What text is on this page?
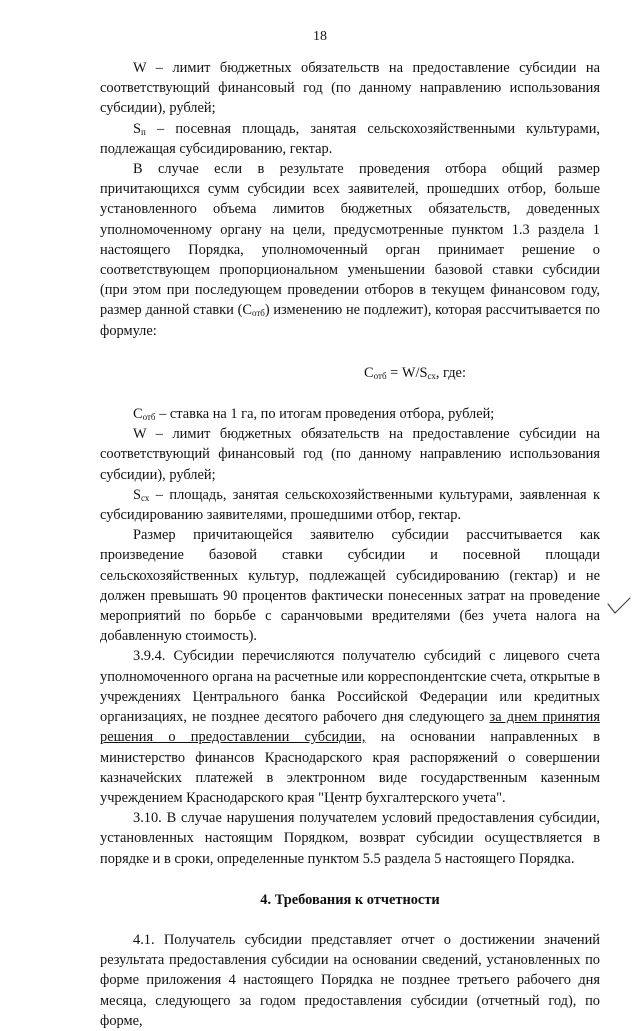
18

W – лимит бюджетных обязательств на предоставление субсидии на соответствующий финансовый год (по данному направлению использования субсидии), рублей;

$S_п$ – посевная площадь, занятая сельскохозяйственными культурами, подлежащая субсидированию, гектар.

В случае если в результате проведения отбора общий размер причитающихся сумм субсидии всех заявителей, прошедших отбор, больше установленного объема лимитов бюджетных обязательств, доведенных уполномоченному органу на цели, предусмотренные пунктом 1.3 раздела 1 настоящего Порядка, уполномоченный орган принимает решение о соответствующем пропорциональном уменьшении базовой ставки субсидии (при этом при последующем проведении отборов в текущем финансовом году, размер данной ставки $(С_{отб})$ изменению не подлежит), которая рассчитывается по формуле:

$С_{отб} = W/S_{сх}$, где:

$С_{отб}$ – ставка на 1 га, по итогам проведения отбора, рублей;

W – лимит бюджетных обязательств на предоставление субсидии на соответствующий финансовый год (по данному направлению использования субсидии), рублей;

$S_{сх}$ – площадь, занятая сельскохозяйственными культурами, заявленная к субсидированию заявителями, прошедшими отбор, гектар.

Размер причитающейся заявителю субсидии рассчитывается как произведение базовой ставки субсидии и посевной площади сельскохозяйственных культур, подлежащей субсидированию (гектар) и не должен превышать 90 процентов фактически понесенных затрат на проведение мероприятий по борьбе с саранчовыми вредителями (без учета налога на добавленную стоимость).

3.9.4. Субсидии перечисляются получателю субсидий с лицевого счета уполномоченного органа на расчетные или корреспондентские счета, открытые в учреждениях Центрального банка Российской Федерации или кредитных организациях, не позднее десятого рабочего дня следующего за днем принятия решения о предоставлении субсидии, на основании направленных в министерство финансов Краснодарского края распоряжений о совершении казначейских платежей в электронном виде государственным казенным учреждением Краснодарского края "Центр бухгалтерского учета".

3.10. В случае нарушения получателем условий предоставления субсидии, установленных настоящим Порядком, возврат субсидии осуществляется в порядке и в сроки, определенные пунктом 5.5 раздела 5 настоящего Порядка.

4. Требования к отчетности

4.1. Получатель субсидии представляет отчет о достижении значений результата предоставления субсидии на основании сведений, установленных по форме приложения 4 настоящего Порядка не позднее третьего рабочего дня месяца, следующего за годом предоставления субсидии (отчетный год), по форме,
